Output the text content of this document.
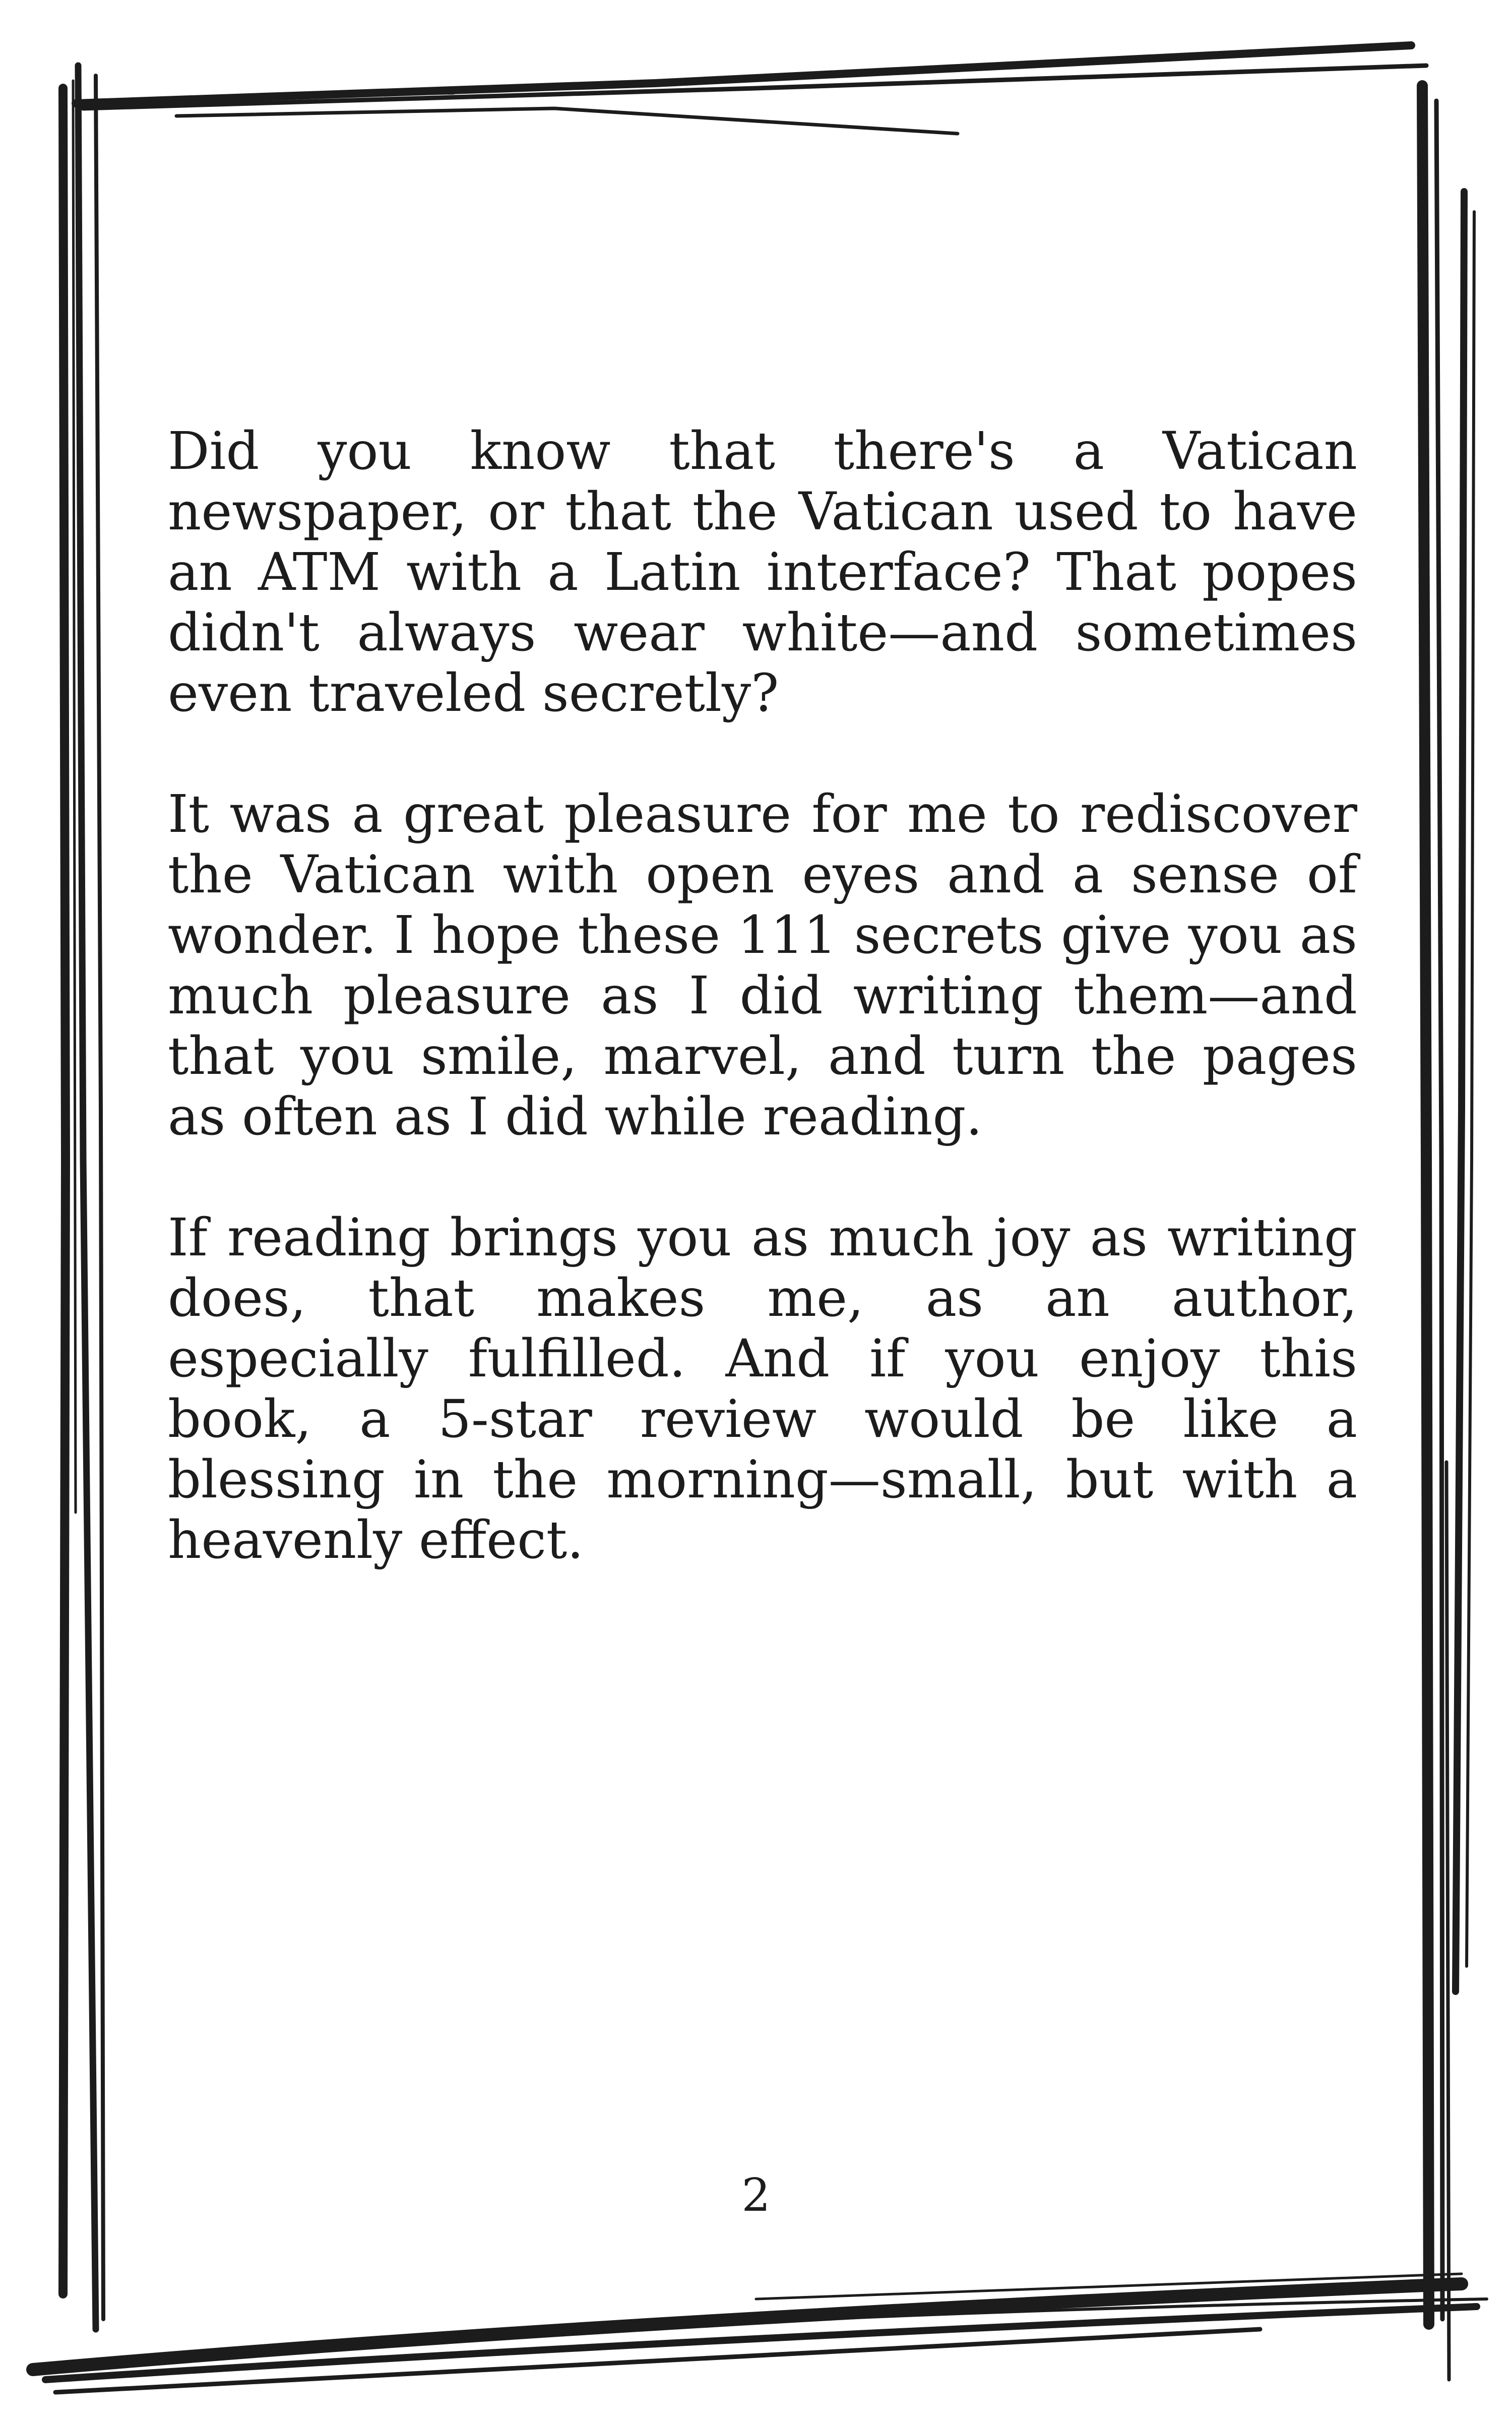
Did you know that there's a Vatican newspaper, or that the Vatican used to have an ATM with a Latin interface? That popes didn't always wear white—and sometimes even traveled secretly?

It was a great pleasure for me to rediscover the Vatican with open eyes and a sense of wonder. I hope these 111 secrets give you as much pleasure as I did writing them—and that you smile, marvel, and turn the pages as often as I did while reading.

If reading brings you as much joy as writing does, that makes me, as an author, especially fulfilled. And if you enjoy this book, a 5-star review would be like a blessing in the morning—small, but with a heavenly effect.

2
